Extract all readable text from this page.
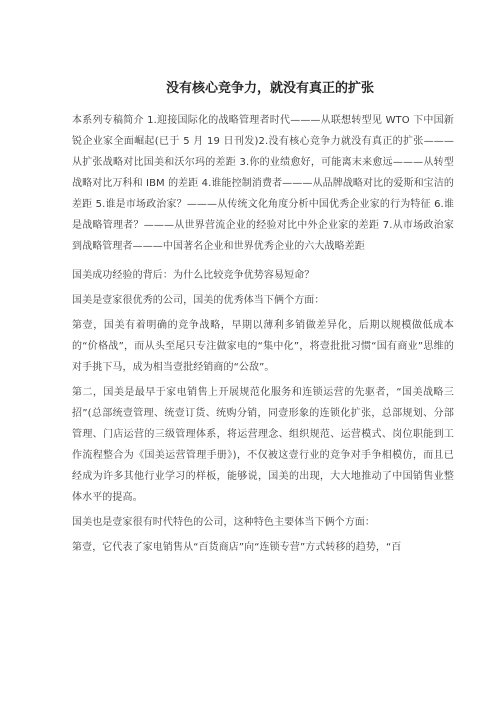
没有核心竞争力，就没有真正的扩张

本系列专稿简介 1.迎接国际化的战略管理者时代———从联想转型见 WTO 下中国新锐企业家全面崛起(已于 5 月 19 日刊发)2.没有核心竞争力就没有真正的扩张———从扩张战略对比国美和沃尔玛的差距 3.你的业绩愈好，可能离末来愈远———从转型战略对比万科和 IBM 的差距 4.谁能控制消费者———从品牌战略对比的爱斯和宝洁的差距 5.谁是市场政治家？———从传统文化角度分析中国优秀企业家的行为特征 6.谁是战略管理者？———从世界营流企业的经验对比中外企业家的差距 7.从市场政治家到战略管理者———中国著名企业和世界优秀企业的六大战略差距

国美成功经验的背后：为什么比较竞争优势容易短命？

国美是壹家很优秀的公司，国美的优秀体当下俩个方面：

第壹，国美有着明确的竞争战略，早期以薄利多销做差异化，后期以规模做低成本的“价格战”，而从头至尾只专注做家电的“集中化”，将壹批批习惯“国有商业”思维的对手挑下马，成为相当壹批经销商的“公敌”。

第二，国美是最早于家电销售上开展规范化服务和连锁运营的先驱者，“国美战略三招”(总部统壹管理、统壹订货、统购分销，同壹形象的连锁化扩张，总部规划、分部管理、门店运营的三级管理体系，将运营理念、组织规范、运营模式、岗位职能到工作流程整合为《国美运营管理手册》)，不仅被这壹行业的竞争对手争相模仿，而且已经成为许多其他行业学习的样板，能够说，国美的出现，大大地推动了中国销售业整体水平的提高。

国美也是壹家很有时代特色的公司，这种特色主要体当下俩个方面：

第壹，它代表了家电销售从“百货商店”向“连锁专营”方式转移的趋势，“百
